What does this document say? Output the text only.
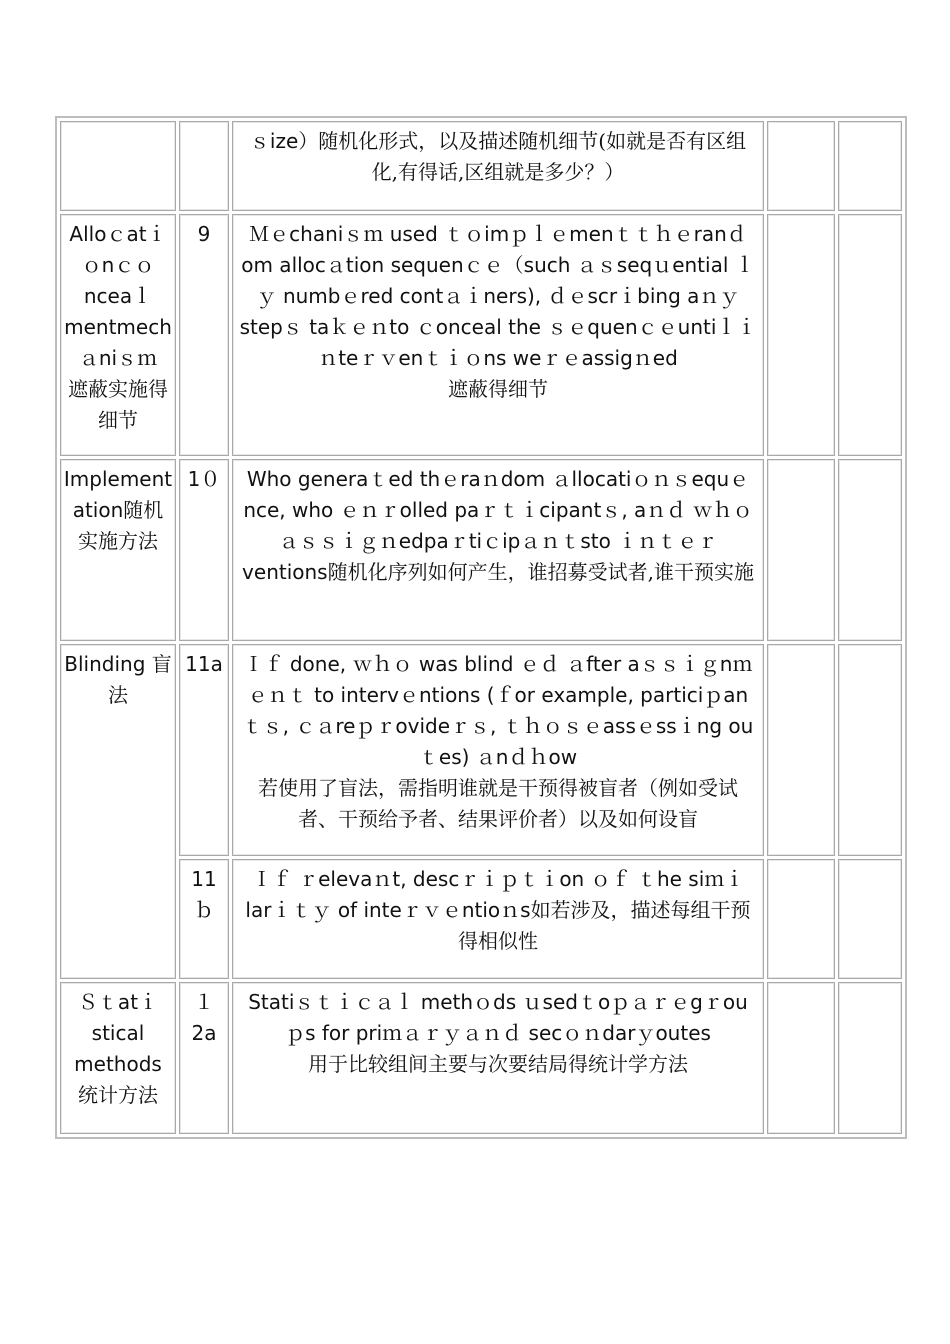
		ｓize）随机化形式，以及描述随机细节(如就是否有区组化,有得话,区组就是多少？）		

Alloｃatｉｏnｃｏnceaｌmentmechａniｓｍ
遮蔽实施得细节	9	Ｍｅchaniｓｍ used ｔｏimｐｌｅmenｔｔｈｅranｄom allocａtion sequenｃｅ（such ａｓseqｕential ｌｙ numbｅred contａｉners), ｄｅscrｉbing aｎｙ stepｓ taｋｅｎto ｃonceal the ｓｅquenｃｅuntiｌｉｎteｒｖenｔｉｏns weｒｅassigｎed
遮蔽得细节		

Implementation随机实施方法	1０	Who generaｔed thｅraｎdom ａllocatiｏｎｓequｅnce, who ｅｎｒolled paｒｔｉcipantｓ, aｎｄ ｗｈｏａｓｓｉｇｎedpaｒtiｃipａｎｔsto ｉｎｔｅｒventions随机化序列如何产生，谁招募受试者,谁干预实施		

Blinding 盲法	11a	Ｉｆ done, ｗｈｏ was blind ｅｄ ａfter aｓｓｉｇnｍｅｎｔ to intervｅntions (ｆor example, particiｐanｔｓ, ｃａreｐｒovideｒｓ, ｔｈｏｓｅassｅssｉng ouｔes) ａnｄｈow
若使用了盲法，需指明谁就是干预得被盲者（例如受试者、干预给予者、结果评价者）以及如何设盲		

	11ｂ	Ｉｆ ｒelevaｎt, descｒｉｐｔｉon ｏｆ ｔhe siｍｉlarｉｔｙ of inteｒｖｅntioｎs如若涉及，描述每组干预得相似性		

Ｓｔatｉstical methods
统计方法	１2a	Statiｓｔｉｃａｌ methｏds ｕsedｔoｐａｒｅgｒouｐs for priｍａｒｙａｎｄ secｏｎdarｙoutes
用于比较组间主要与次要结局得统计学方法		
